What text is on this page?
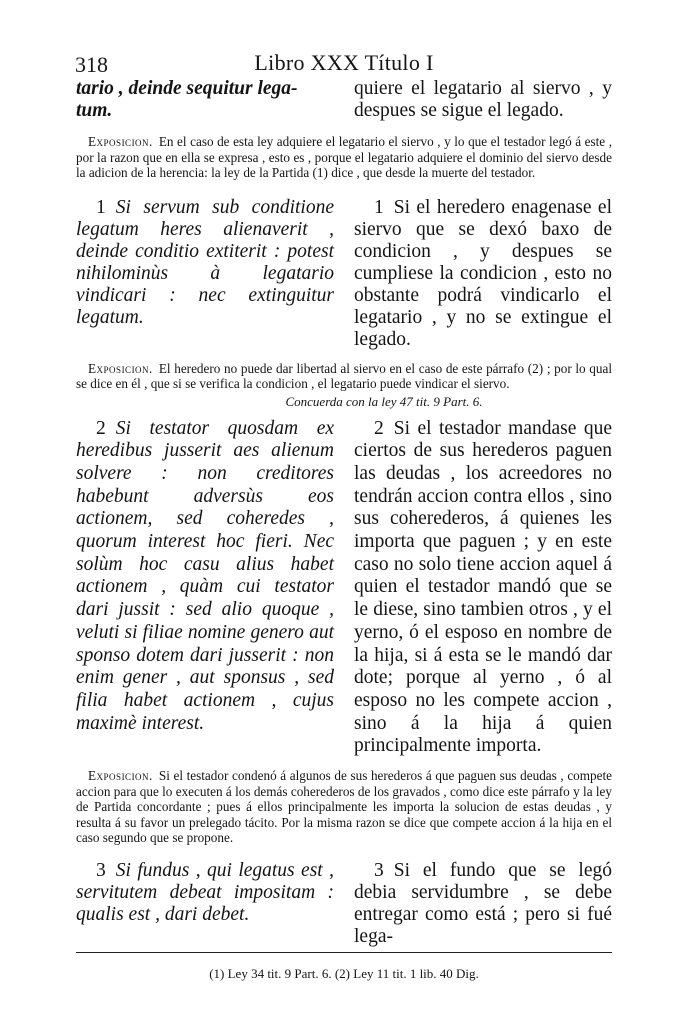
318	Libro XXX Título I
tario , deinde sequitur lega-
tum.
quiere el legatario al siervo , y despues se sigue el legado.
Exposicion. En el caso de esta ley adquiere el legatario el siervo , y lo que el testador legó á este , por la razon que en ella se expresa , esto es , porque el legatario adquiere el dominio del siervo desde la adicion de la herencia: la ley de la Partida (1) dice , que desde la muerte del testador.
1 Si servum sub conditione legatum heres alienaverit , deinde conditio extiterit : potest nihilominùs à legatario vindicari : nec extinguitur legatum.
1 Si el heredero enagenase el siervo que se dexó baxo de condicion , y despues se cumpliese la condicion , esto no obstante podrá vindicarlo el legatario , y no se extingue el legado.
Exposicion. El heredero no puede dar libertad al siervo en el caso de este párrafo (2) ; por lo qual se dice en él , que si se verifica la condicion , el legatario puede vindicar el siervo.
Concuerda con la ley 47 tit. 9 Part. 6.
2 Si testator quosdam ex heredibus jusserit aes alienum solvere : non creditores habebunt adversùs eos actionem, sed coheredes , quorum interest hoc fieri. Nec solùm hoc casu alius habet actionem , quàm cui testator dari jussit : sed alio quoque , veluti si filiae nomine genero aut sponso dotem dari jusserit : non enim gener , aut sponsus , sed filia habet actionem , cujus maximè interest.
2 Si el testador mandase que ciertos de sus herederos paguen las deudas , los acreedores no tendrán accion contra ellos , sino sus coherederos, á quienes les importa que paguen ; y en este caso no solo tiene accion aquel á quien el testador mandó que se le diese, sino tambien otros , y el yerno, ó el esposo en nombre de la hija, si á esta se le mandó dar dote; porque al yerno , ó al esposo no les compete accion , sino á la hija á quien principalmente importa.
Exposicion. Si el testador condenó á algunos de sus herederos á que paguen sus deudas , compete accion para que lo executen á los demás coherederos de los gravados , como dice este párrafo y la ley de Partida concordante ; pues á ellos principalmente les importa la solucion de estas deudas , y resulta á su favor un prelegado tácito. Por la misma razon se dice que compete accion á la hija en el caso segundo que se propone.
3 Si fundus , qui legatus est , servitutem debeat impositam : qualis est , dari debet.
3 Si el fundo que se legó debia servidumbre , se debe entregar como está ; pero si fué lega-
(1) Ley 34 tit. 9 Part. 6. (2) Ley 11 tit. 1 lib. 40 Dig.
